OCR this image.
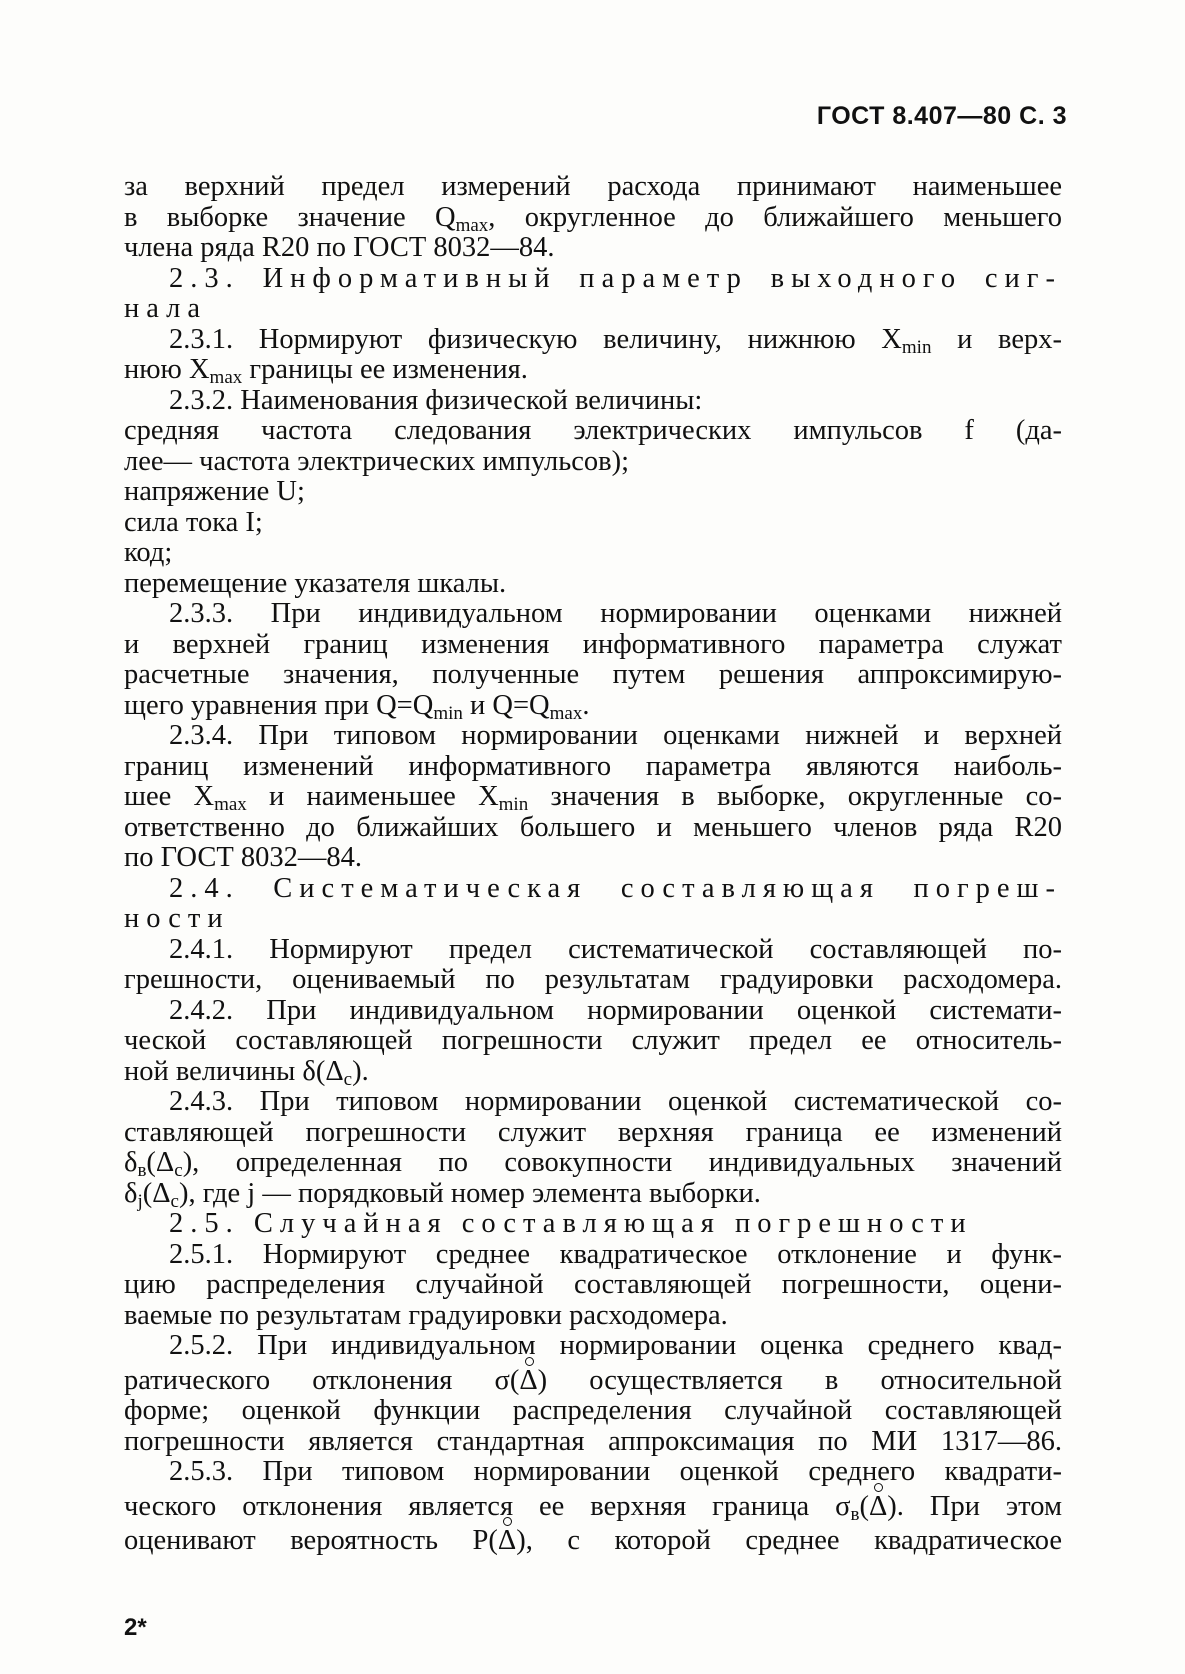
ГОСТ 8.407—80 С. 3
за верхний предел измерений расхода принимают наименьшее
в выборке значение $Q_{max}$, округленное до ближайшего меньшего
члена ряда R20 по ГОСТ 8032—84.
2.3. Информативный параметр выходного сиг-
нала
2.3.1. Нормируют физическую величину, нижнюю $X_{min}$ и верх-
нюю $X_{max}$ границы ее изменения.
2.3.2. Наименования физической величины:
средняя частота следования электрических импульсов f (да-
лее— частота электрических импульсов);
напряжение U;
сила тока I;
код;
перемещение указателя шкалы.
2.3.3. При индивидуальном нормировании оценками нижней
и верхней границ изменения информативного параметра служат
расчетные значения, полученные путем решения аппроксимирую-
щего уравнения при $Q=Q_{min}$ и $Q=Q_{max}$.
2.3.4. При типовом нормировании оценками нижней и верхней
границ изменений информативного параметра являются наиболь-
шее $X_{max}$ и наименьшее $X_{min}$ значения в выборке, округленные со-
ответственно до ближайших большего и меньшего членов ряда R20
по ГОСТ 8032—84.
2.4. Систематическая составляющая погреш-
ности
2.4.1. Нормируют предел систематической составляющей по-
грешности, оцениваемый по результатам градуировки расходомера.
2.4.2. При индивидуальном нормировании оценкой системати-
ческой составляющей погрешности служит предел ее относитель-
ной величины $\delta(\Delta_c)$.
2.4.3. При типовом нормировании оценкой систематической со-
ставляющей погрешности служит верхняя граница ее изменений
$\delta_в(\Delta_c)$, определенная по совокупности индивидуальных значений
$\delta_j(\Delta_c)$, где j — порядковый номер элемента выборки.
2.5. Случайная составляющая погрешности
2.5.1. Нормируют среднее квадратическое отклонение и функ-
цию распределения случайной составляющей погрешности, оцени-
ваемые по результатам градуировки расходомера.
2.5.2. При индивидуальном нормировании оценка среднего квад-
ратического отклонения σ(Δ) осуществляется в относительной
форме; оценкой функции распределения случайной составляющей
погрешности является стандартная аппроксимация по МИ 1317—86.
2.5.3. При типовом нормировании оценкой среднего квадрати-
ческого отклонения является ее верхняя граница $\sigma_в(\Delta)$. При этом
оценивают вероятность P(Δ), с которой среднее квадратическое
2*
